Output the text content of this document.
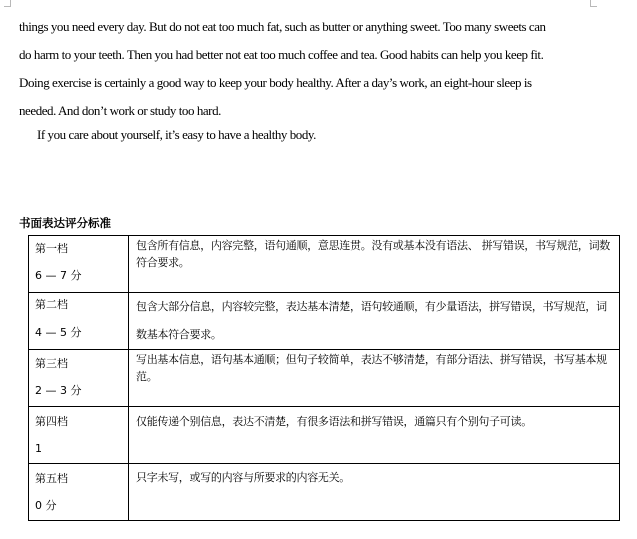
things you need every day. But do not eat too much fat, such as butter or anything sweet. Too many sweets can
do harm to your teeth. Then you had better not eat too much coffee and tea. Good habits can help you keep fit.
Doing exercise is certainly a good way to keep your body healthy. After a day’s work, an eight-hour sleep is
needed. And don’t work or study too hard.
If you care about yourself, it’s easy to have a healthy body.
书面表达评分标准
第一档
6 — 7 分	包含所有信息，内容完整，语句通顺，意思连贯。没有或基本没有语法、 拼写错误，书写规范，词数符合要求。

第二档
4 — 5 分	包含大部分信息，内容较完整，表达基本清楚，语句较通顺，有少量语法，拼写错误，书写规范，词数基本符合要求。

第三档
2 — 3 分	写出基本信息，语句基本通顺；但句子较简单，表达不够清楚，有部分语法、拼写错误，书写基本规范。

第四档
1	仅能传递个别信息，表达不清楚，有很多语法和拼写错误，通篇只有个别句子可读。

第五档
0 分	只字未写，或写的内容与所要求的内容无关。
